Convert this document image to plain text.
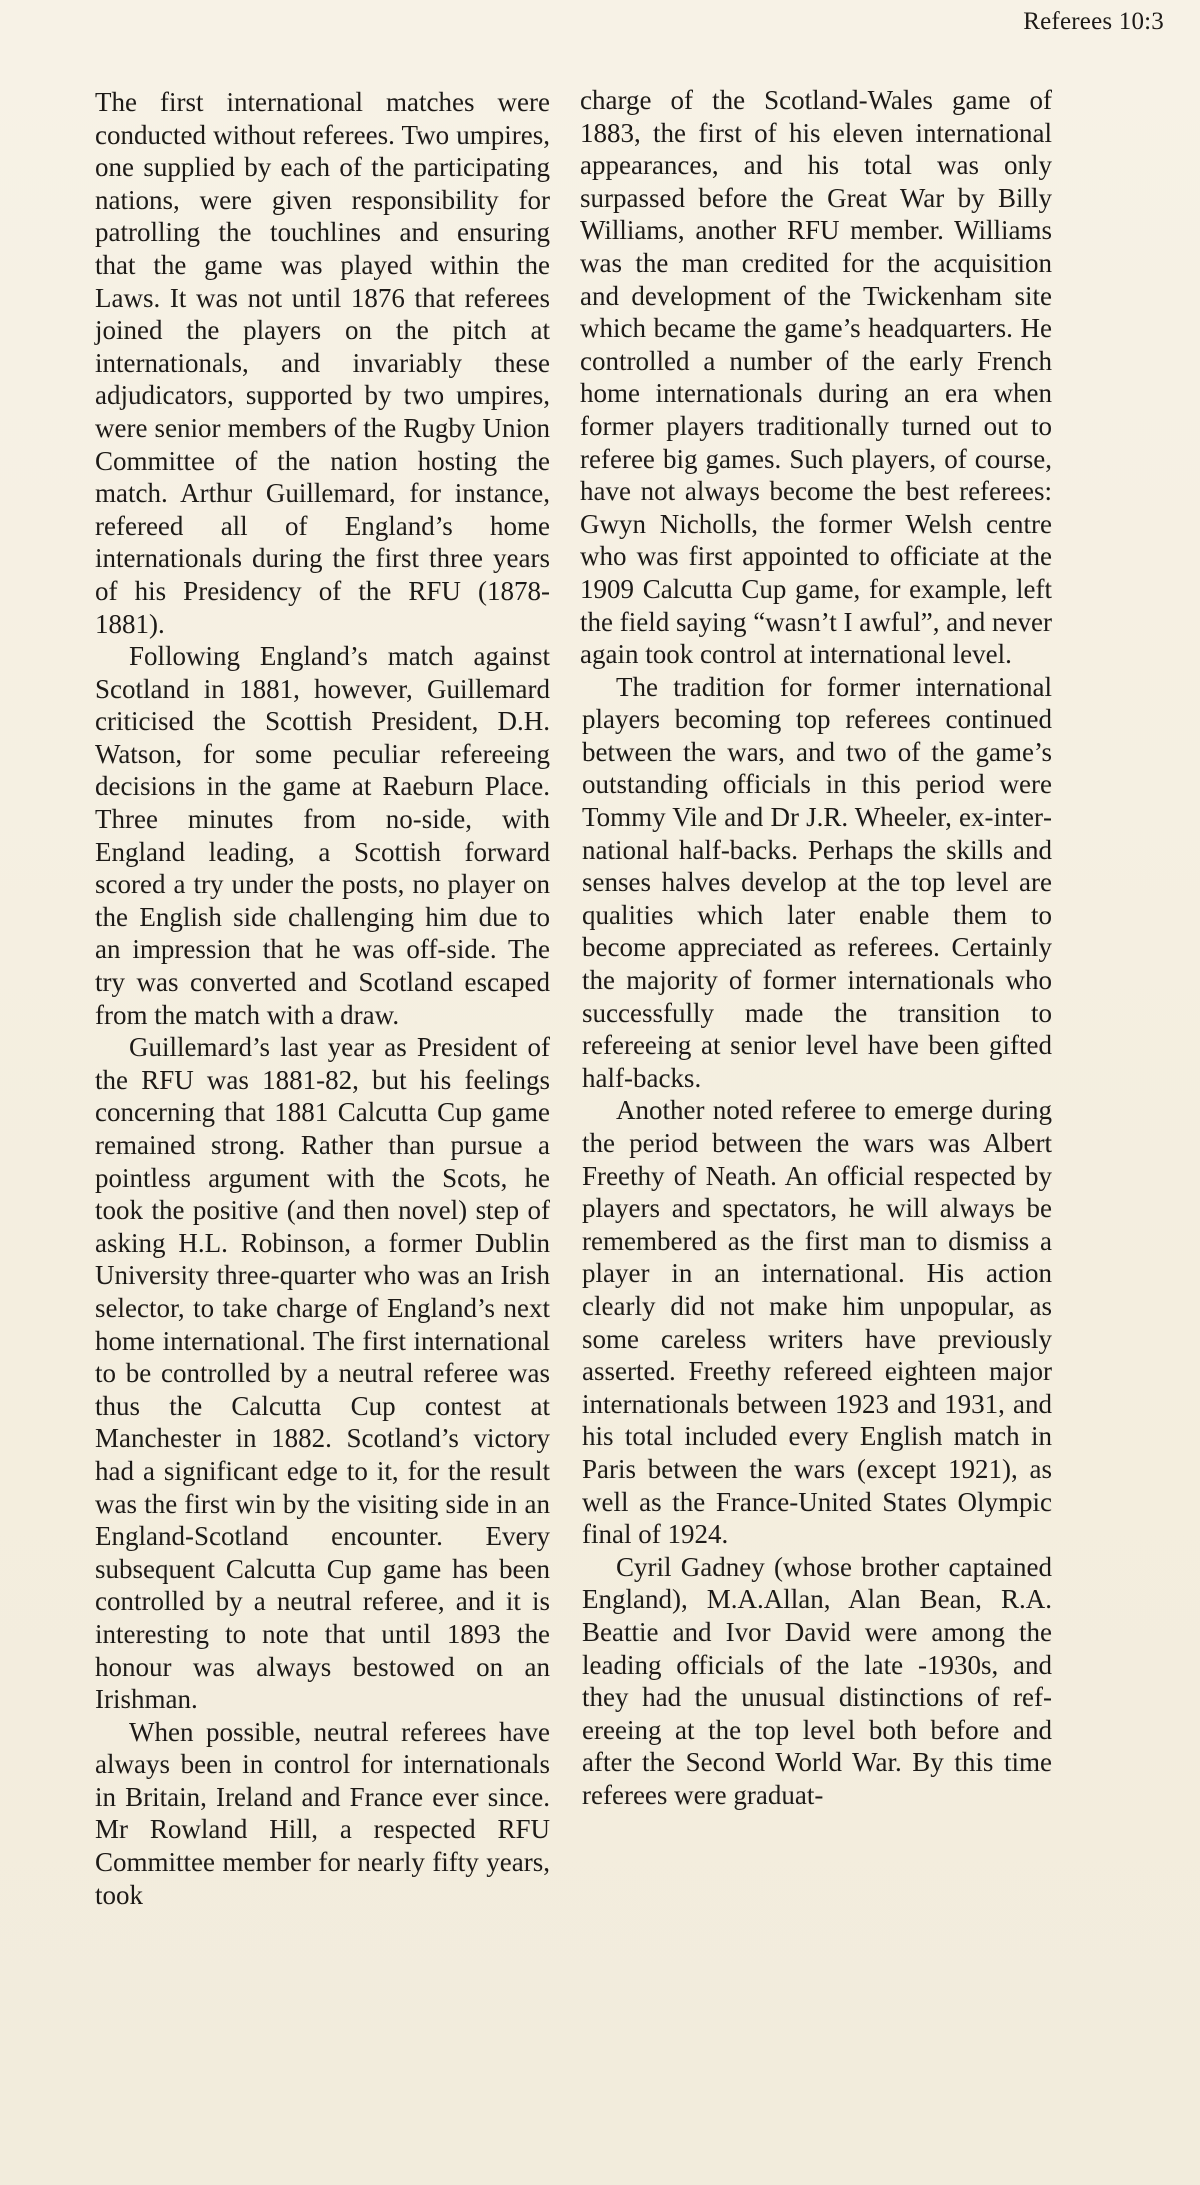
Referees 10:3

The first international matches were conducted without referees. Two umpires, one supplied by each of the participating nations, were given responsibility for patrolling the touchlines and ensuring that the game was played within the Laws. It was not until 1876 that referees joined the players on the pitch at internationals, and invariably these adjudicators, supported by two umpires, were senior members of the Rugby Union Committee of the nation hosting the match. Arthur Guillemard, for instance, refereed all of England’s home internationals during the first three years of his Presidency of the RFU (1878-1881).

Following England’s match against Scotland in 1881, however, Guillemard criticised the Scottish President, D.H. Watson, for some peculiar refereeing decisions in the game at Raeburn Place. Three minutes from no-side, with England leading, a Scottish forward scored a try under the posts, no player on the English side challenging him due to an impression that he was off-side. The try was converted and Scotland escaped from the match with a draw.

Guillemard’s last year as President of the RFU was 1881-82, but his feelings concerning that 1881 Calcutta Cup game remained strong. Rather than pursue a pointless argument with the Scots, he took the positive (and then novel) step of asking H.L. Robinson, a former Dublin University three-quarter who was an Irish selector, to take charge of England’s next home international. The first international to be controlled by a neutral referee was thus the Calcutta Cup contest at Manchester in 1882. Scotland’s victory had a significant edge to it, for the result was the first win by the visiting side in an England-Scotland encounter. Every subsequent Calcutta Cup game has been controlled by a neutral referee, and it is interesting to note that until 1893 the honour was always bestowed on an Irishman.

When possible, neutral referees have always been in control for internationals in Britain, Ireland and France ever since. Mr Rowland Hill, a respected RFU Committee member for nearly fifty years, took

charge of the Scotland-Wales game of 1883, the first of his eleven international appearances, and his total was only surpassed before the Great War by Billy Williams, another RFU member. Williams was the man credited for the acquisition and development of the Twickenham site which became the game’s headquarters. He controlled a number of the early French home internationals during an era when former players traditionally turned out to referee big games. Such players, of course, have not always become the best referees: Gwyn Nicholls, the former Welsh centre who was first appointed to officiate at the 1909 Calcutta Cup game, for example, left the field saying “wasn’t I awful”, and never again took control at international level.

The tradition for former international players becoming top referees continued between the wars, and two of the game’s outstanding officials in this period were Tommy Vile and Dr J.R. Wheeler, ex-international half-backs. Perhaps the skills and senses halves develop at the top level are qualities which later enable them to become appreciated as referees. Certainly the majority of former internationals who successfully made the transition to refereeing at senior level have been gifted half-backs.

Another noted referee to emerge during the period between the wars was Albert Freethy of Neath. An official respected by players and spectators, he will always be remembered as the first man to dismiss a player in an international. His action clearly did not make him unpopular, as some careless writers have previously asserted. Freethy refereed eighteen major internationals between 1923 and 1931, and his total included every English match in Paris between the wars (except 1921), as well as the France-United States Olympic final of 1924.

Cyril Gadney (whose brother captained England), M.A.Allan, Alan Bean, R.A. Beattie and Ivor David were among the leading officials of the late -1930s, and they had the unusual distinctions of refereeing at the top level both before and after the Second World War. By this time referees were graduat-
